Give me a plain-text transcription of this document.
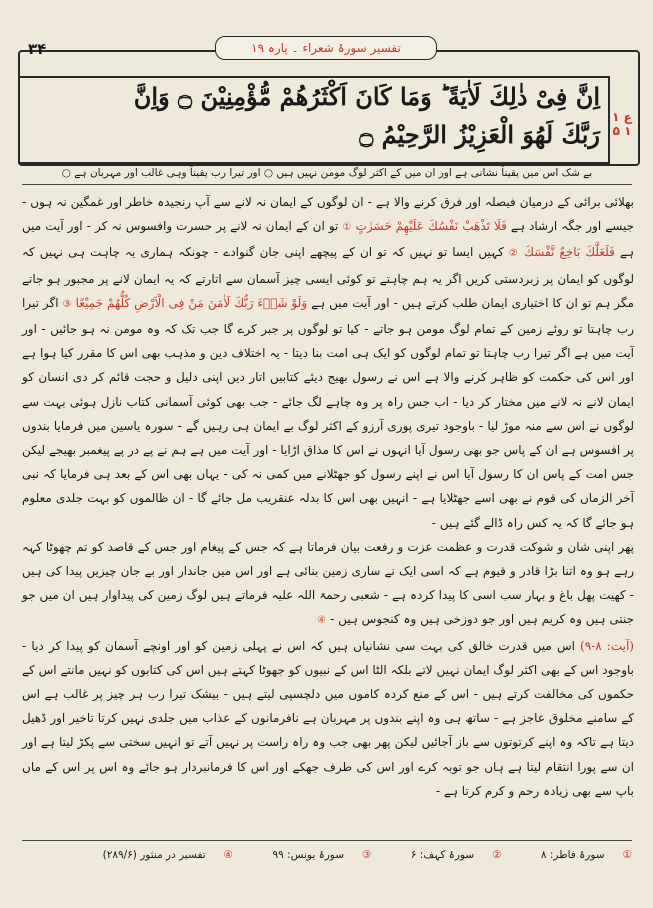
۳۴	تفسیر سورۂ شعراء ۔ پارہ ۱۹
اِنَّ فِیْ ذٰلِكَ لَاٰیَةً ؕ وَمَا كَانَ اَكْثَرُهُمْ مُّؤْمِنِیْنَ ۝ وَاِنَّ
رَبَّكَ لَهُوَ الْعَزِیْزُ الرَّحِیْمُ ۝
ع ۱ ۱ ۵
بے شک اس میں یقیناً نشانی ہے اور ان میں کے اکثر لوگ مومن نہیں ہیں ○ اور تیرا رب یقیناً وہی غالب اور مہربان ہے ○

بھلائی برائی کے درمیان فیصلہ اور فرق کرنے والا ہے - ان لوگوں کے ایمان نہ لانے سے آپ رنجیدہ خاطر اور غمگین نہ ہوں - جیسے اور جگہ ارشاد ہے فَلَا تَذْهَبْ نَفْسُكَ عَلَیْهِمْ حَسَرٰتٍ ① تو ان کے ایمان نہ لانے پر حسرت وافسوس نہ کر - اور آیت میں ہے فَلَعَلَّكَ بَاخِعٌ نَّفْسَكَ ② کہیں ایسا تو نہیں کہ تو ان کے پیچھے اپنی جان گنوادے - چونکہ ہماری یہ چاہت ہی نہیں کہ لوگوں کو ایمان پر زبردستی کریں اگر یہ ہم چاہتے تو کوئی ایسی چیز آسمان سے اتارتے کہ یہ ایمان لانے پر مجبور ہو جاتے مگر ہم تو ان کا اختیاری ایمان طلب کرتے ہیں - اور آیت میں ہے وَلَوْ شَاۤءَ رَبُّكَ لَاٰمَنَ مَنْ فِی الْاَرْضِ كُلُّهُمْ جَمِیْعًا ③ اگر تیرا رب چاہتا تو روئے زمین کے تمام لوگ مومن ہو جاتے - کیا تو لوگوں پر جبر کرے گا جب تک کہ وہ مومن نہ ہو جائیں - اور آیت میں ہے اگر تیرا رب چاہتا تو تمام لوگوں کو ایک ہی امت بنا دیتا - یہ اختلاف دین و مذہب بھی اس کا مقرر کیا ہوا ہے اور اس کی حکمت کو ظاہر کرنے والا ہے اس نے رسول بھیج دیئے کتابیں اتار دیں اپنی دلیل و حجت قائم کر دی انسان کو ایمان لانے نہ لانے میں مختار کر دیا - اب جس راہ پر وہ چاہے لگ جائے - جب بھی کوئی آسمانی کتاب نازل ہوئی بہت سے لوگوں نے اس سے منہ موڑ لیا - باوجود تیری پوری آرزو کے اکثر لوگ بے ایمان ہی رہیں گے - سورہ یاسین میں فرمایا بندوں پر افسوس ہے ان کے پاس جو بھی رسول آیا انہوں نے اس کا مذاق اڑایا - اور آیت میں ہے ہم نے پے در پے پیغمبر بھیجے لیکن جس امت کے پاس ان کا رسول آیا اس نے اپنے رسول کو جھٹلانے میں کمی نہ کی - یہاں بھی اس کے بعد ہی فرمایا کہ نبی آخر الزماں کی قوم نے بھی اسے جھٹلایا ہے - انہیں بھی اس کا بدلہ عنقریب مل جائے گا - ان ظالموں کو بہت جلدی معلوم ہو جائے گا کہ یہ کس راہ ڈالے گئے ہیں -

پھر اپنی شان و شوکت قدرت و عظمت عزت و رفعت بیان فرماتا ہے کہ جس کے پیغام اور جس کے قاصد کو تم چھوٹا کہہ رہے ہو وہ اتنا بڑا قادر و قیوم ہے کہ اسی ایک نے ساری زمین بنائی ہے اور اس میں جاندار اور بے جان چیزیں پیدا کی ہیں - کھیت پھل باغ و بہار سب اسی کا پیدا کردہ ہے - شعبی رحمۃ اللہ علیہ فرماتے ہیں لوگ زمین کی پیداوار ہیں ان میں جو جنتی ہیں وہ کریم ہیں اور جو دوزخی ہیں وہ کنجوس ہیں - ④

(آیت: ۸-۹) اس میں قدرت خالق کی بہت سی نشانیاں ہیں کہ اس نے پہلی زمین کو اور اونچے آسمان کو پیدا کر دیا - باوجود اس کے بھی اکثر لوگ ایمان نہیں لاتے بلکہ الٹا اس کے نبیوں کو جھوٹا کہتے ہیں اس کی کتابوں کو نہیں مانتے اس کے حکموں کی مخالفت کرتے ہیں - اس کے منع کردہ کاموں میں دلچسپی لیتے ہیں - بیشک تیرا رب ہر چیز پر غالب ہے اس کے سامنے مخلوق عاجز ہے - ساتھ ہی وہ اپنے بندوں پر مہربان ہے نافرمانوں کے عذاب میں جلدی نہیں کرتا تاخیر اور ڈھیل دیتا ہے تاکہ وہ اپنے کرتوتوں سے باز آجائیں لیکن پھر بھی جب وہ راہ راست پر نہیں آتے تو انہیں سختی سے پکڑ لیتا ہے اور ان سے پورا انتقام لیتا ہے ہاں جو توبہ کرے اور اس کی طرف جھکے اور اس کا فرمانبردار ہو جائے وہ اس پر اس کے ماں باپ سے بھی زیادہ رحم و کرم کرتا ہے -

①سورۂ فاطر: ۸ ②سورۂ کہف: ۶ ③سورۂ یونس: ۹۹ ④تفسیر در منثور (۲۸۹/۶)
